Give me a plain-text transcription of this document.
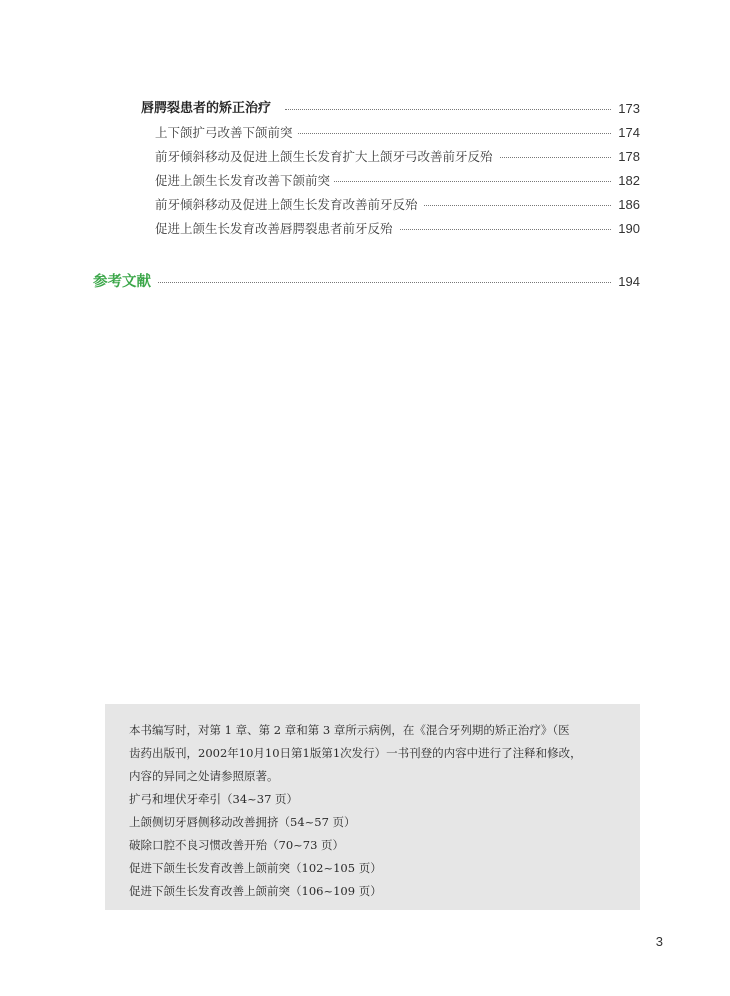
唇腭裂患者的矫正治疗	173
上下颌扩弓改善下颌前突	174
前牙倾斜移动及促进上颌生长发育扩大上颌牙弓改善前牙反殆	178
促进上颌生长发育改善下颌前突	182
前牙倾斜移动及促进上颌生长发育改善前牙反殆	186
促进上颌生长发育改善唇腭裂患者前牙反殆	190
参考文献	194
本书编写时，对第 1 章、第 2 章和第 3 章所示病例，在《混合牙列期的矫正治疗》（医
齿药出版刊，2002年10月10日第1版第1次发行）一书刊登的内容中进行了注释和修改，
内容的异同之处请参照原著。
扩弓和埋伏牙牵引（34~37 页）
上颌侧切牙唇侧移动改善拥挤（54~57 页）
破除口腔不良习惯改善开殆（70~73 页）
促进下颌生长发育改善上颌前突（102~105 页）
促进下颌生长发育改善上颌前突（106~109 页）
3
